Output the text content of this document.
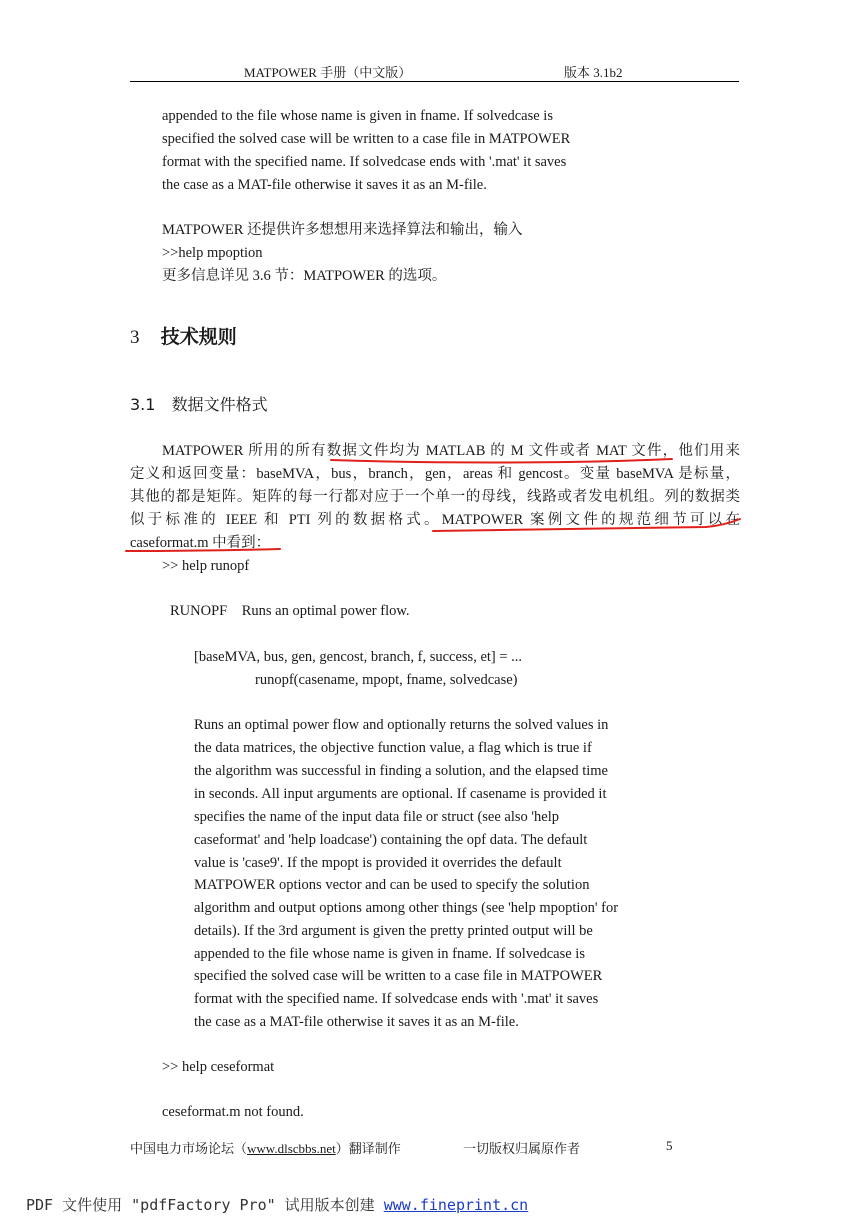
MATPOWER 手册（中文版）	版本 3.1b2
appended to the file whose name is given in fname. If solvedcase is
specified the solved case will be written to a case file in MATPOWER
format with the specified name. If solvedcase ends with '.mat' it saves
the case as a MAT-file otherwise it saves it as an M-file.
MATPOWER 还提供许多想想用来选择算法和输出，输入
>>help mpoption
更多信息详见 3.6 节：MATPOWER 的选项。
3 技术规则
3.1 数据文件格式
MATPOWER 所用的所有数据文件均为 MATLAB 的 M 文件或者 MAT 文件，他们用来
定义和返回变量：baseMVA，bus，branch，gen，areas 和 gencost。变量 baseMVA 是标量，
其他的都是矩阵。矩阵的每一行都对应于一个单一的母线，线路或者发电机组。列的数据类
似于标准的 IEEE 和 PTI 列的数据格式。MATPOWER 案例文件的规范细节可以在
caseformat.m 中看到：
>> help runopf
RUNOPF    Runs an optimal power flow.
[baseMVA, bus, gen, gencost, branch, f, success, et] = ...
runopf(casename, mpopt, fname, solvedcase)
Runs an optimal power flow and optionally returns the solved values in
the data matrices, the objective function value, a flag which is true if
the algorithm was successful in finding a solution, and the elapsed time
in seconds. All input arguments are optional. If casename is provided it
specifies the name of the input data file or struct (see also 'help
caseformat' and 'help loadcase') containing the opf data. The default
value is 'case9'. If the mpopt is provided it overrides the default
MATPOWER options vector and can be used to specify the solution
algorithm and output options among other things (see 'help mpoption' for
details). If the 3rd argument is given the pretty printed output will be
appended to the file whose name is given in fname. If solvedcase is
specified the solved case will be written to a case file in MATPOWER
format with the specified name. If solvedcase ends with '.mat' it saves
the case as a MAT-file otherwise it saves it as an M-file.
>> help ceseformat
ceseformat.m not found.
中国电力市场论坛（www.dlscbbs.net）翻译制作	一切版权归属原作者	5
PDF 文件使用 "pdfFactory Pro" 试用版本创建 www.fineprint.cn
